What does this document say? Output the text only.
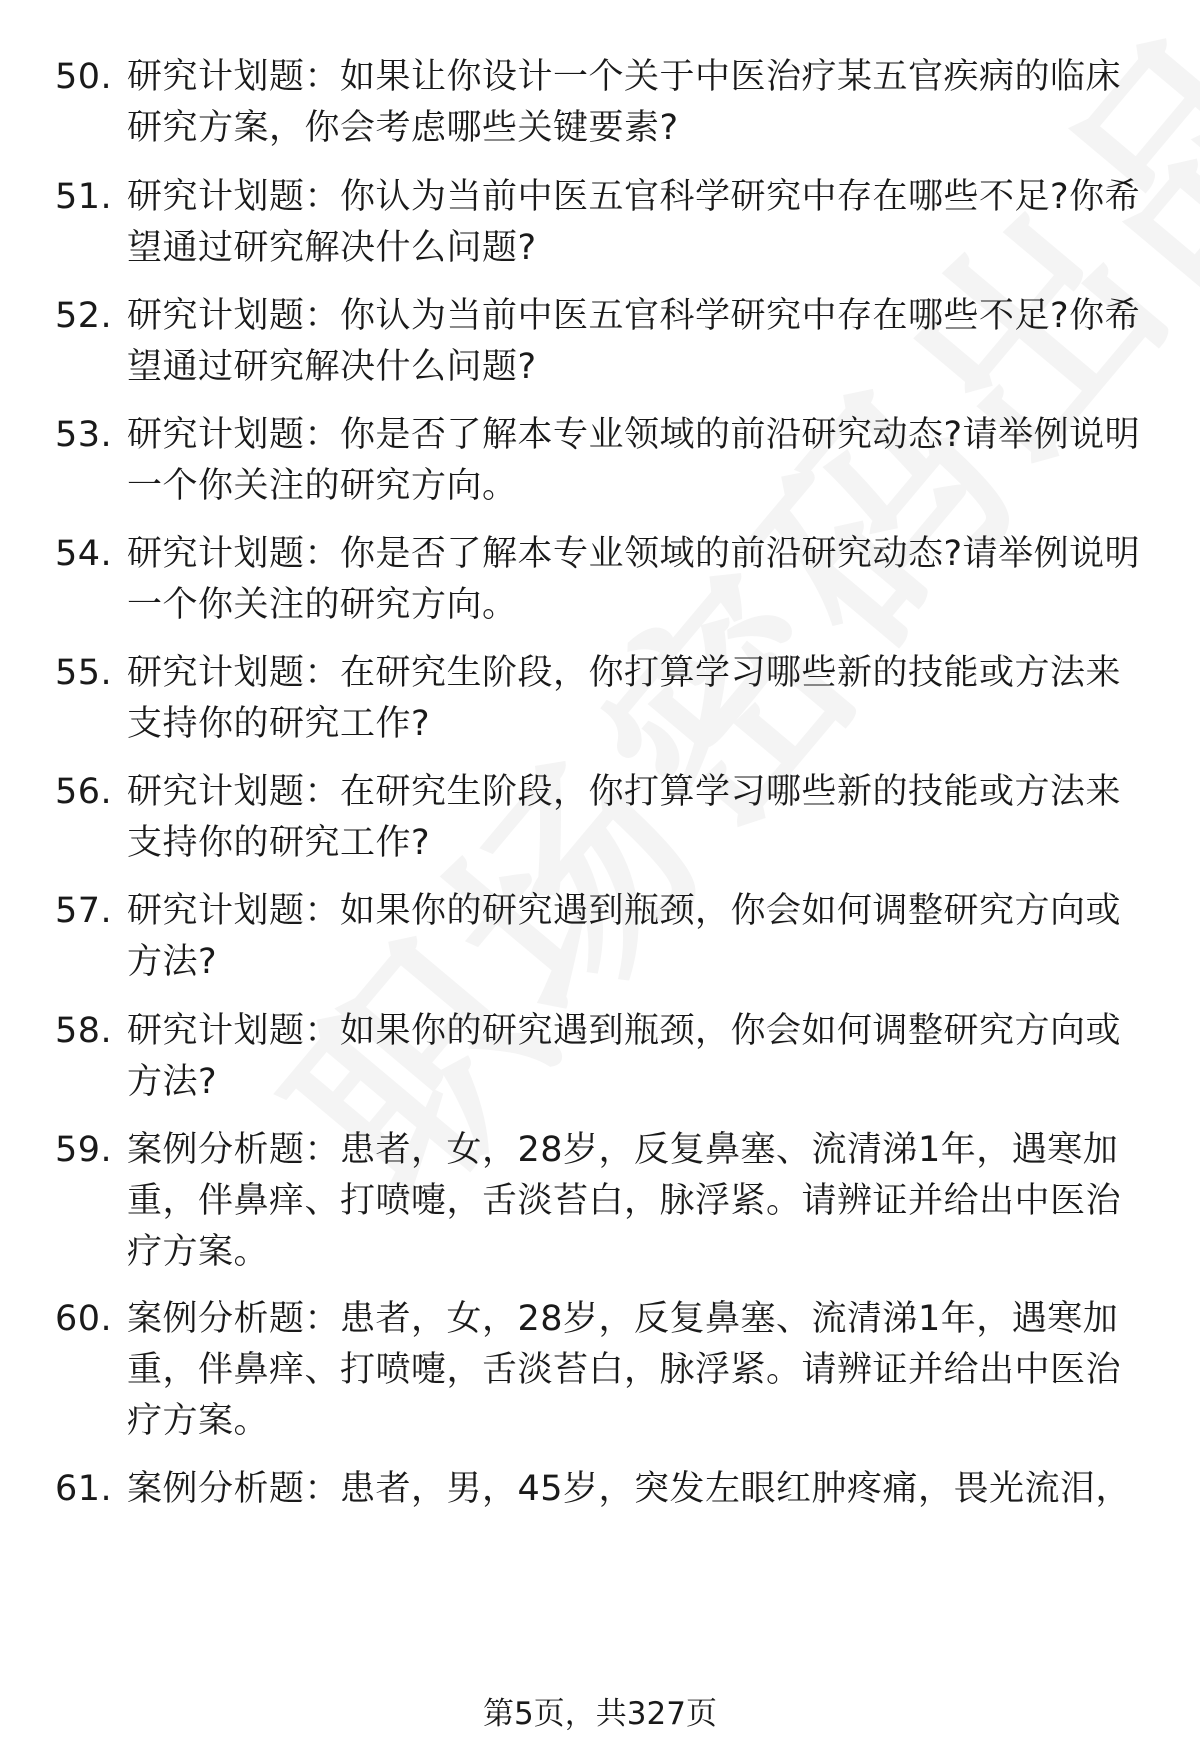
50. 研究计划题：如果让你设计一个关于中医治疗某五官疾病的临床研究方案，你会考虑哪些关键要素?
51. 研究计划题：你认为当前中医五官科学研究中存在哪些不足?你希望通过研究解决什么问题?
52. 研究计划题：你认为当前中医五官科学研究中存在哪些不足?你希望通过研究解决什么问题?
53. 研究计划题：你是否了解本专业领域的前沿研究动态?请举例说明一个你关注的研究方向。
54. 研究计划题：你是否了解本专业领域的前沿研究动态?请举例说明一个你关注的研究方向。
55. 研究计划题：在研究生阶段，你打算学习哪些新的技能或方法来支持你的研究工作?
56. 研究计划题：在研究生阶段，你打算学习哪些新的技能或方法来支持你的研究工作?
57. 研究计划题：如果你的研究遇到瓶颈，你会如何调整研究方向或方法?
58. 研究计划题：如果你的研究遇到瓶颈，你会如何调整研究方向或方法?
59. 案例分析题：患者，女，28岁，反复鼻塞、流清涕1年，遇寒加重，伴鼻痒、打喷嚏，舌淡苔白，脉浮紧。请辨证并给出中医治疗方案。
60. 案例分析题：患者，女，28岁，反复鼻塞、流清涕1年，遇寒加重，伴鼻痒、打喷嚏，舌淡苔白，脉浮紧。请辨证并给出中医治疗方案。
61. 案例分析题：患者，男，45岁，突发左眼红肿疼痛，畏光流泪，
第5页，共327页
